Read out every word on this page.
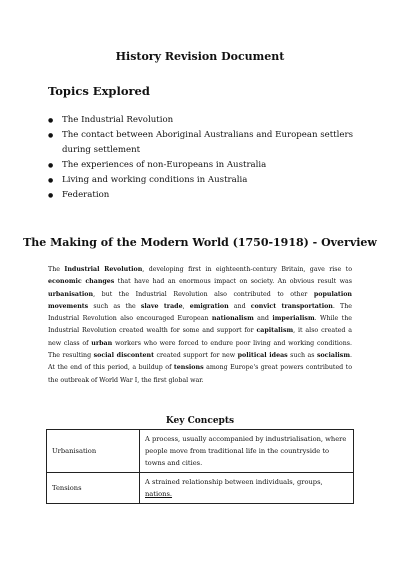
History Revision Document
Topics Explored
● The Industrial Revolution
● The contact between Aboriginal Australians and European settlers during settlement
● The experiences of non-Europeans in Australia
● Living and working conditions in Australia
● Federation
The Making of the Modern World (1750-1918) - Overview

The Industrial Revolution, developing first in eighteenth-century Britain, gave rise to economic changes that have had an enormous impact on society. An obvious result was urbanisation, but the Industrial Revolution also contributed to other population movements such as the slave trade, emigration and convict transportation. The Industrial Revolution also encouraged European nationalism and imperialism. While the Industrial Revolution created wealth for some and support for capitalism, it also created a new class of urban workers who were forced to endure poor living and working conditions. The resulting social discontent created support for new political ideas such as socialism. At the end of this period, a buildup of tensions among Europe's great powers contributed to the outbreak of World War I, the first global war.

Key Concepts
Urbanisation	A process, usually accompanied by industrialisation, where people move from traditional life in the countryside to towns and cities.
Tensions	A strained relationship between individuals, groups, nations.
